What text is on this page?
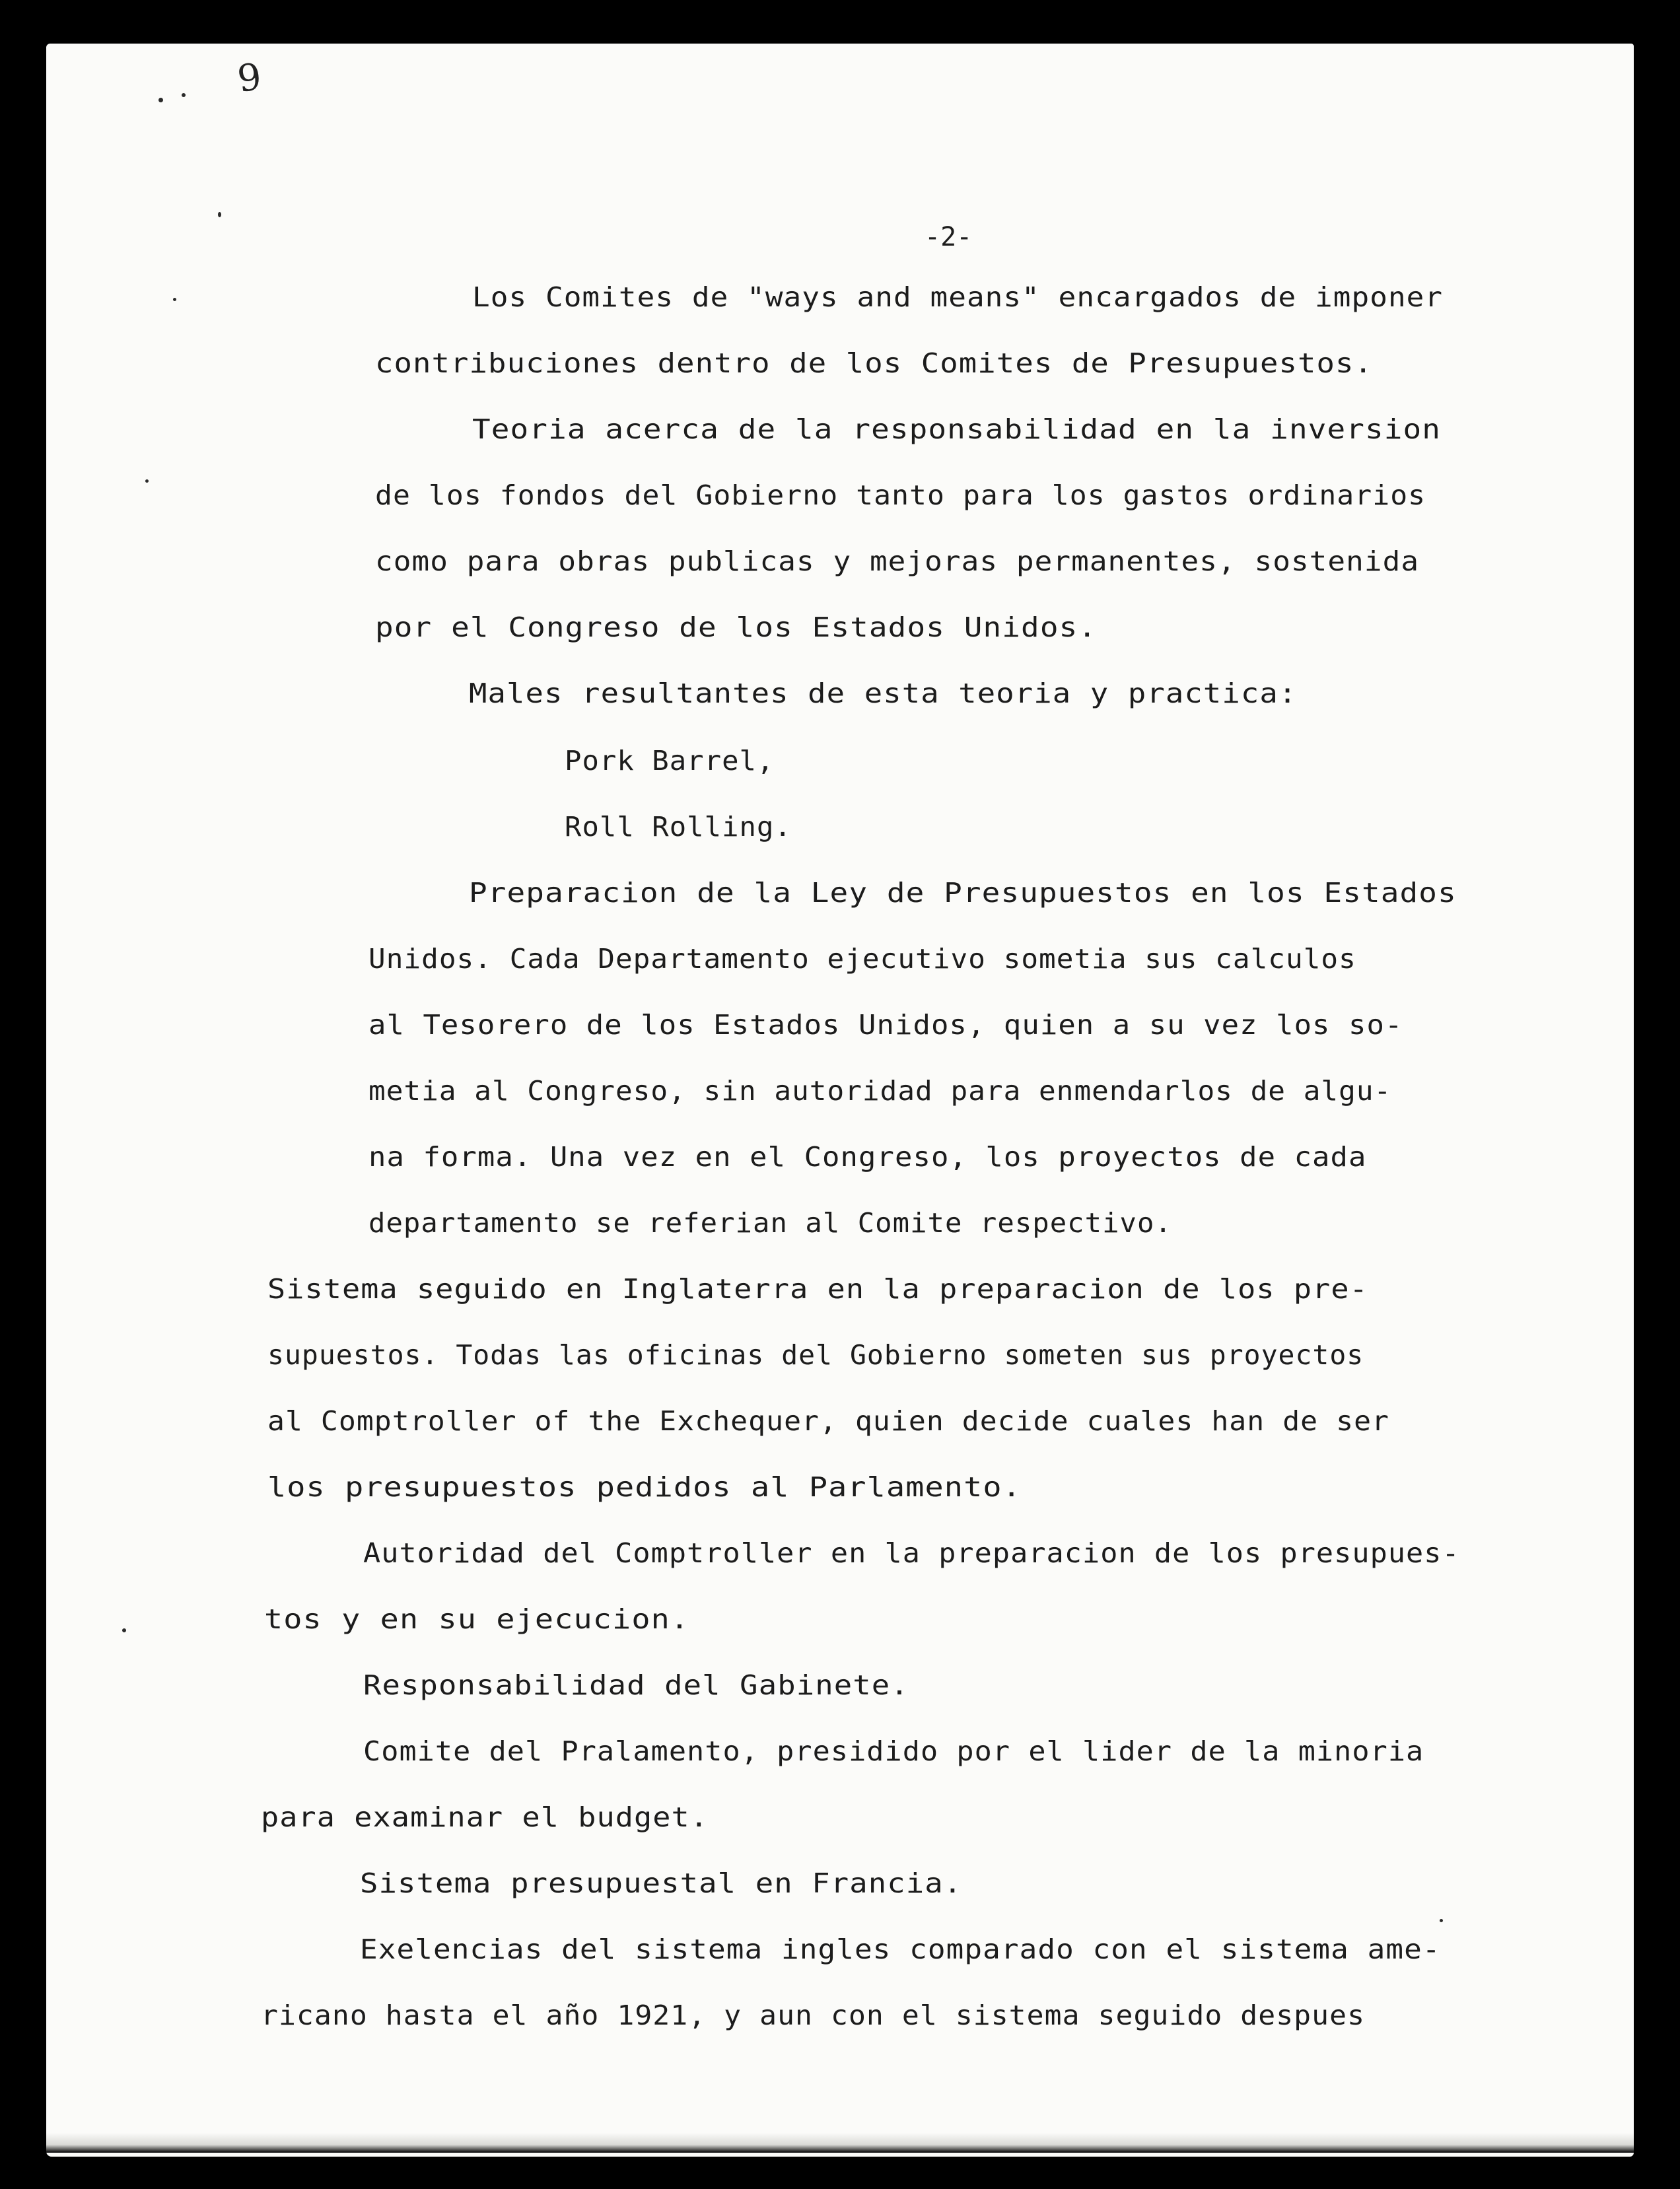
9
-2-
Los Comites de "ways and means" encargados de imponer
contribuciones dentro de los Comites de Presupuestos.
Teoria acerca de la responsabilidad en la inversion
de los fondos del Gobierno tanto para los gastos ordinarios
como para obras publicas y mejoras permanentes, sostenida
por el Congreso de los Estados Unidos.
Males resultantes de esta teoria y practica:
Pork Barrel,
Roll Rolling.
Preparacion de la Ley de Presupuestos en los Estados
Unidos. Cada Departamento ejecutivo sometia sus calculos
al Tesorero de los Estados Unidos, quien a su vez los so-
metia al Congreso, sin autoridad para enmendarlos de algu-
na forma. Una vez en el Congreso, los proyectos de cada
departamento se referian al Comite respectivo.
Sistema seguido en Inglaterra en la preparacion de los pre-
supuestos. Todas las oficinas del Gobierno someten sus proyectos
al Comptroller of the Exchequer, quien decide cuales han de ser
los presupuestos pedidos al Parlamento.
Autoridad del Comptroller en la preparacion de los presupues-
tos y en su ejecucion.
Responsabilidad del Gabinete.
Comite del Pralamento, presidido por el lider de la minoria
para examinar el budget.
Sistema presupuestal en Francia.
Exelencias del sistema ingles comparado con el sistema ame-
ricano hasta el año 1921, y aun con el sistema seguido despues
